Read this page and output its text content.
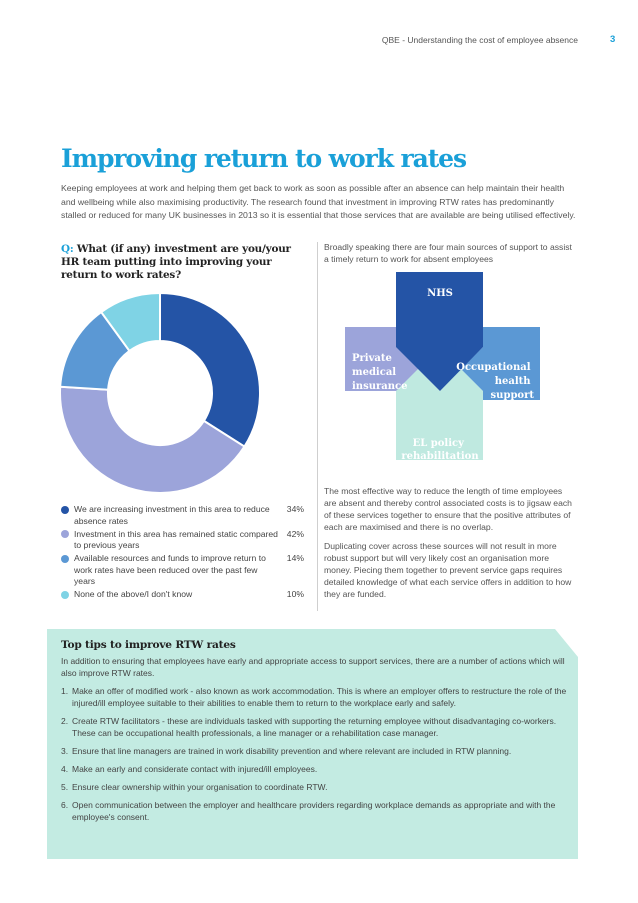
QBE - Understanding the cost of employee absence	3
Improving return to work rates

Keeping employees at work and helping them get back to work as soon as possible after an absence can help maintain their health and wellbeing while also maximising productivity. The research found that investment in improving RTW rates has predominantly stalled or reduced for many UK businesses in 2013 so it is essential that those services that are available are being utilised effectively.

Q: What (if any) investment are you/your HR team putting into improving your return to work rates?

We are increasing investment in this area to reduce absence rates
34%
Investment in this area has remained static compared to previous years
42%
Available resources and funds to improve return to work rates have been reduced over the past few years
14%
None of the above/I don't know	10%

Broadly speaking there are four main sources of support to assist a timely return to work for absent employees

NHS
Private medical insurance
Occupational health support
EL policy rehabilitation

The most effective way to reduce the length of time employees are absent and thereby control associated costs is to jigsaw each of these services together to ensure that the positive attributes of each are maximised and there is no overlap.

Duplicating cover across these sources will not result in more robust support but will very likely cost an organisation more money. Piecing them together to prevent service gaps requires detailed knowledge of what each service offers in addition to how they are funded.

Top tips to improve RTW rates

In addition to ensuring that employees have early and appropriate access to support services, there are a number of actions which will also improve RTW rates.

1. Make an offer of modified work - also known as work accommodation. This is where an employer offers to restructure the role of the injured/ill employee suitable to their abilities to enable them to return to the workplace early and safely.
2. Create RTW facilitators - these are individuals tasked with supporting the returning employee without disadvantaging co-workers. These can be occupational health professionals, a line manager or a rehabilitation case manager.
3. Ensure that line managers are trained in work disability prevention and where relevant are included in RTW planning.
4. Make an early and considerate contact with injured/ill employees.
5. Ensure clear ownership within your organisation to coordinate RTW.
6. Open communication between the employer and healthcare providers regarding workplace demands as appropriate and with the employee's consent.
